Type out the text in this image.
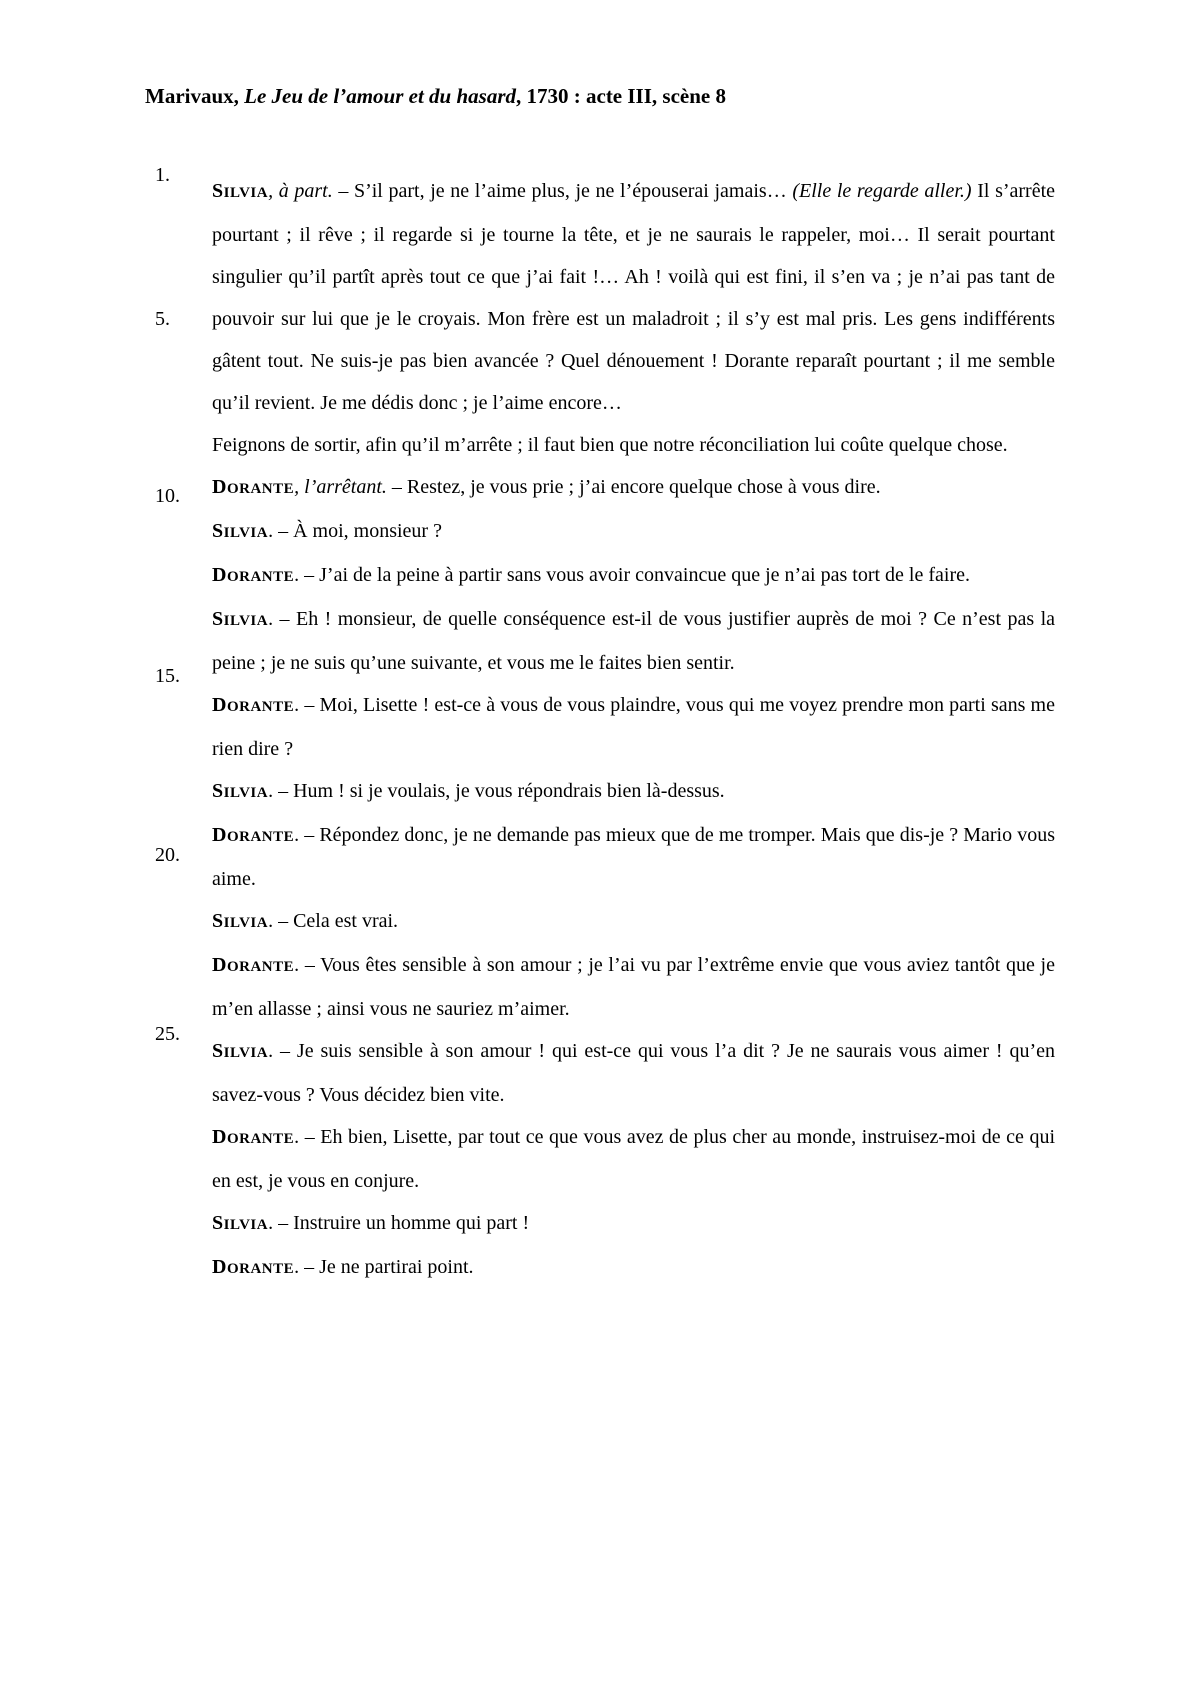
Marivaux, Le Jeu de l’amour et du hasard, 1730 : acte III, scène 8
1.
5.
10.
15.
20.
25.

SILVIA, à part. – S’il part, je ne l’aime plus, je ne l’épouserai jamais… (Elle le regarde aller.) Il s’arrête pourtant ; il rêve ; il regarde si je tourne la tête, et je ne saurais le rappeler, moi… Il serait pourtant singulier qu’il partît après tout ce que j’ai fait !… Ah ! voilà qui est fini, il s’en va ; je n’ai pas tant de pouvoir sur lui que je le croyais. Mon frère est un maladroit ; il s’y est mal pris. Les gens indifférents gâtent tout. Ne suis-je pas bien avancée ? Quel dénouement ! Dorante reparaît pourtant ; il me semble qu’il revient. Je me dédis donc ; je l’aime encore…

Feignons de sortir, afin qu’il m’arrête ; il faut bien que notre réconciliation lui coûte quelque chose.

DORANTE, l’arrêtant. – Restez, je vous prie ; j’ai encore quelque chose à vous dire.

SILVIA. – À moi, monsieur ?

DORANTE. – J’ai de la peine à partir sans vous avoir convaincue que je n’ai pas tort de le faire.

SILVIA. – Eh ! monsieur, de quelle conséquence est-il de vous justifier auprès de moi ? Ce n’est pas la peine ; je ne suis qu’une suivante, et vous me le faites bien sentir.

DORANTE. – Moi, Lisette ! est-ce à vous de vous plaindre, vous qui me voyez prendre mon parti sans me rien dire ?

SILVIA. – Hum ! si je voulais, je vous répondrais bien là-dessus.

DORANTE. – Répondez donc, je ne demande pas mieux que de me tromper. Mais que dis-je ? Mario vous aime.

SILVIA. – Cela est vrai.

DORANTE. – Vous êtes sensible à son amour ; je l’ai vu par l’extrême envie que vous aviez tantôt que je m’en allasse ; ainsi vous ne sauriez m’aimer.

SILVIA. – Je suis sensible à son amour ! qui est-ce qui vous l’a dit ? Je ne saurais vous aimer ! qu’en savez-vous ? Vous décidez bien vite.

DORANTE. – Eh bien, Lisette, par tout ce que vous avez de plus cher au monde, instruisez-moi de ce qui en est, je vous en conjure.

SILVIA. – Instruire un homme qui part !

DORANTE. – Je ne partirai point.
